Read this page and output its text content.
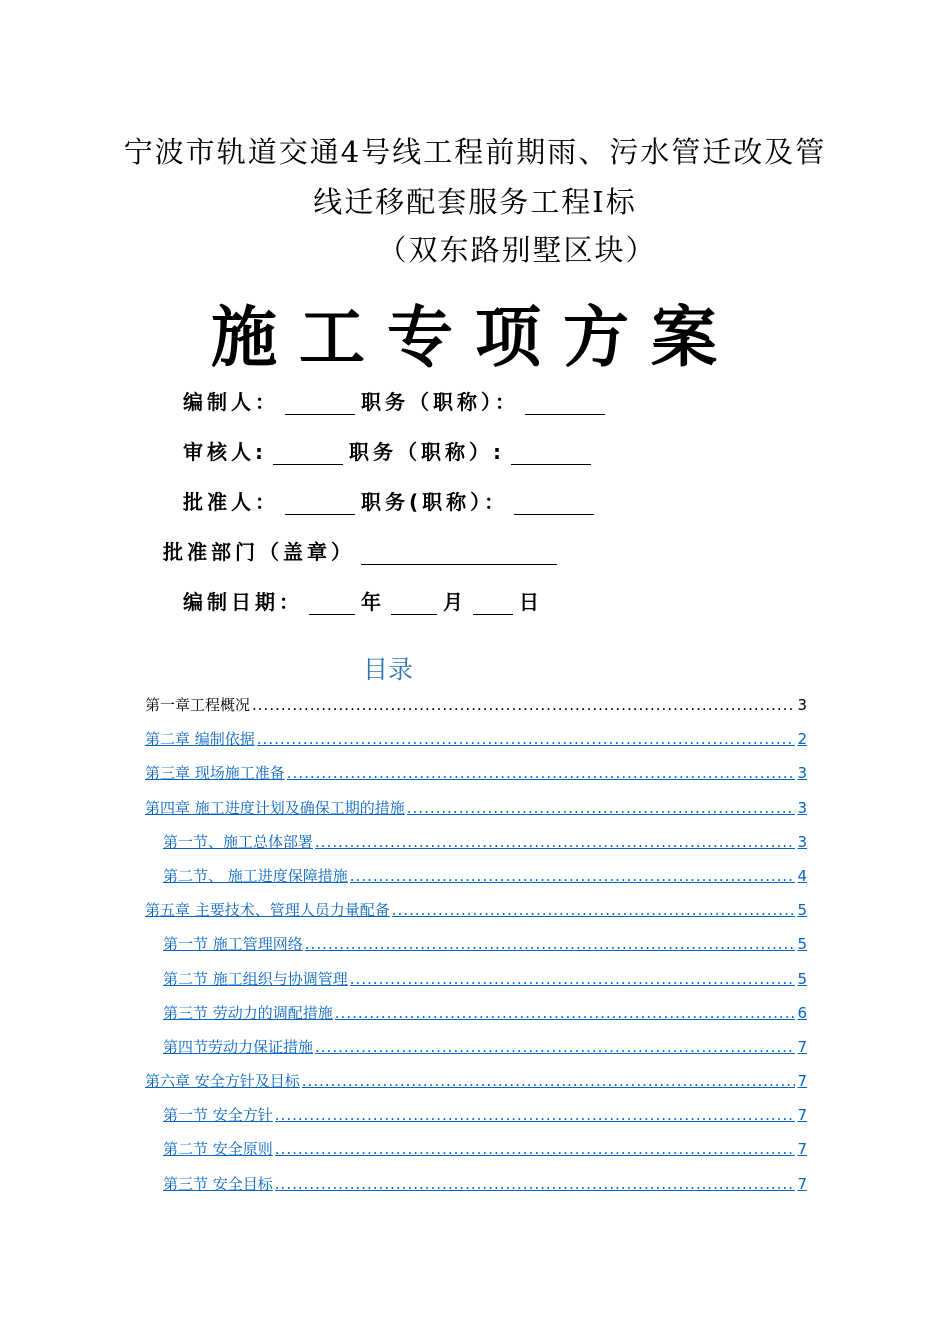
宁波市轨道交通4号线工程前期雨、污水管迁改及管
线迁移配套服务工程I标
（双东路别墅区块）
施工专项方案
编制人：	职务（职称）：
审核人:	职务（职称）:
批准人：	职务(职称）：
批准部门（盖章）
编制日期：	年	月	日
目录
第一章工程概况 .....	3
第二章 编制依据 .....	2
第三章 现场施工准备 .....	3
第四章 施工进度计划及确保工期的措施 .....	3
第一节、施工总体部署 .....	3
第二节、 施工进度保障措施 .....	4
第五章 主要技术、管理人员力量配备 .....	5
第一节 施工管理网络 .....	5
第二节 施工组织与协调管理 .....	5
第三节 劳动力的调配措施 .....	6
第四节劳动力保证措施 .....	7
第六章 安全方针及目标 .....	7
第一节 安全方针 .....	7
第二节 安全原则 .....	7
第三节 安全目标 .....	7
